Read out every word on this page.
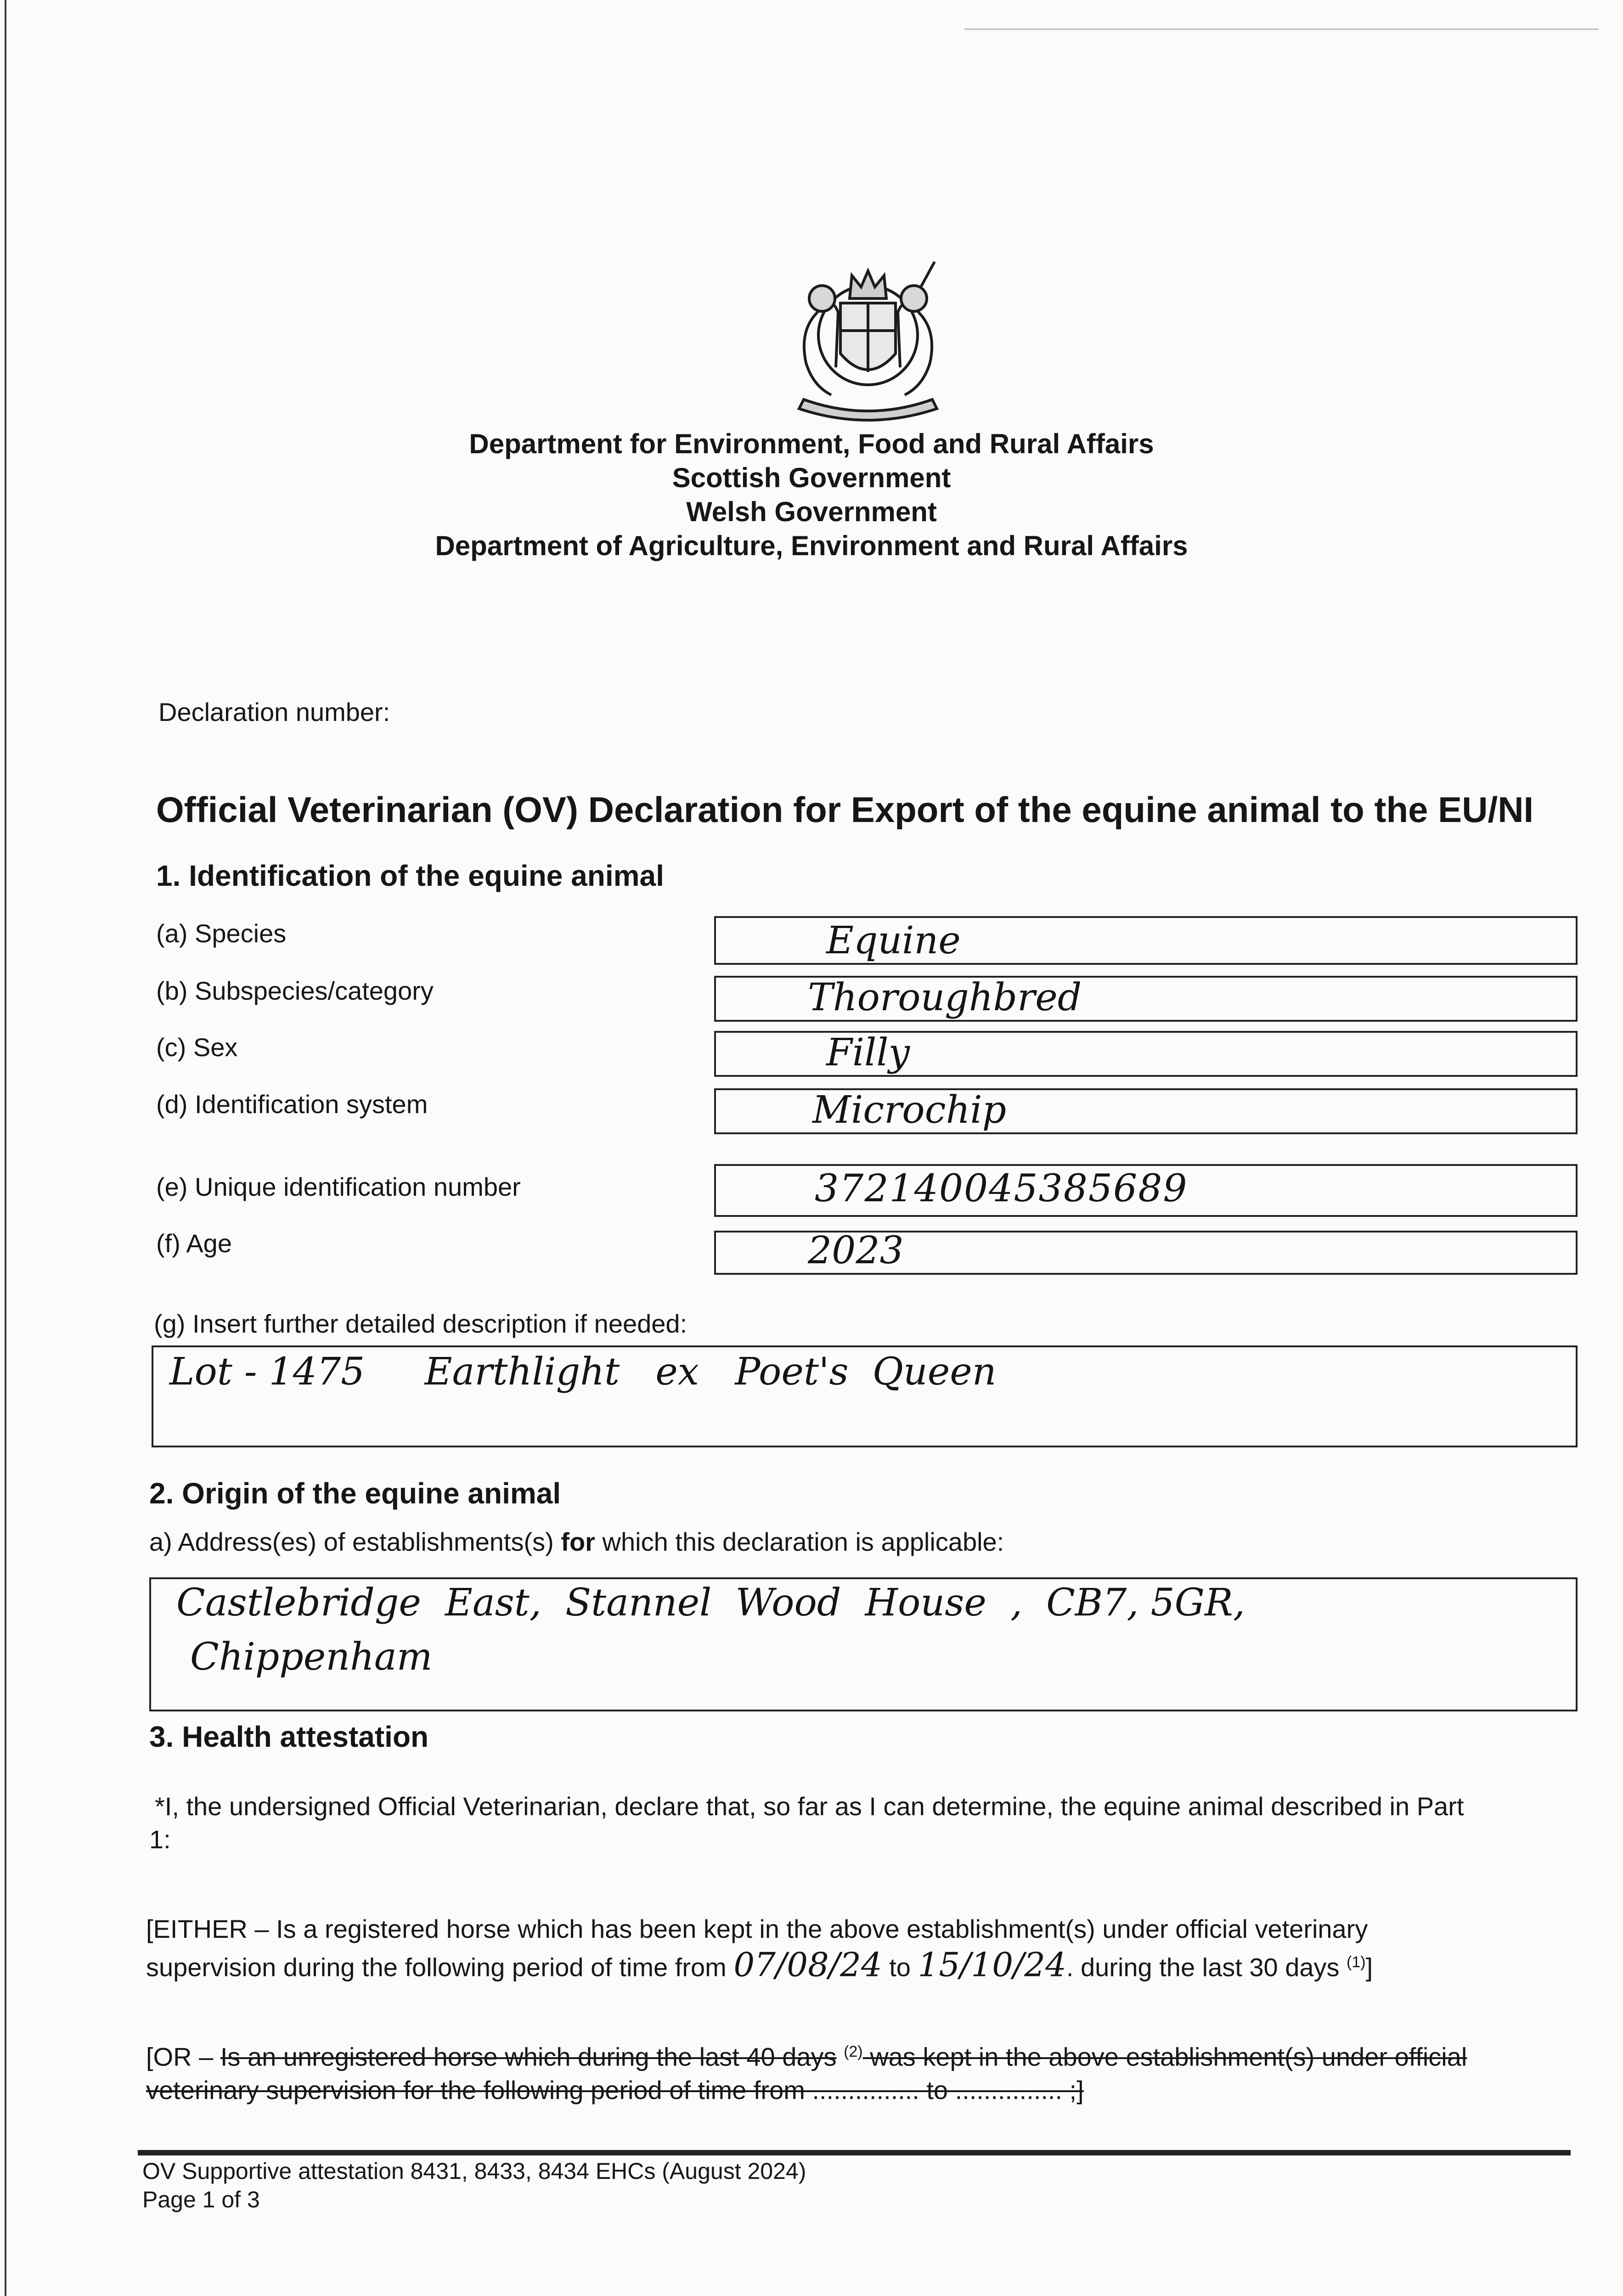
Department for Environment, Food and Rural Affairs
Scottish Government
Welsh Government
Department of Agriculture, Environment and Rural Affairs
Declaration number:
Official Veterinarian (OV) Declaration for Export of the equine animal to the EU/NI
1. Identification of the equine animal
(a) Species	Equine
(b) Subspecies/category	Thoroughbred
(c) Sex	Filly
(d) Identification system	Microchip
(e) Unique identification number	372140045385689
(f) Age	2023
(g) Insert further detailed description if needed:
Lot - 1475     Earthlight   ex   Poet's  Queen
2. Origin of the equine animal
a) Address(es) of establishments(s) for which this declaration is applicable:
Castlebridge  East,  Stannel  Wood  House  ,  CB7, 5GR,
Chippenham
3. Health attestation
*I, the undersigned Official Veterinarian, declare that, so far as I can determine, the equine animal described in Part
1:
[EITHER – Is a registered horse which has been kept in the above establishment(s) under official veterinary
supervision during the following period of time from 07/08/24 to 15/10/24. during the last 30 days $^{(1)}$]
[OR – Is an unregistered horse which during the last 40 days $^{(2)}$ was kept in the above establishment(s) under official
veterinary supervision for the following period of time from ............... to ............... ;]
OV Supportive attestation 8431, 8433, 8434 EHCs (August 2024)
Page 1 of 3
